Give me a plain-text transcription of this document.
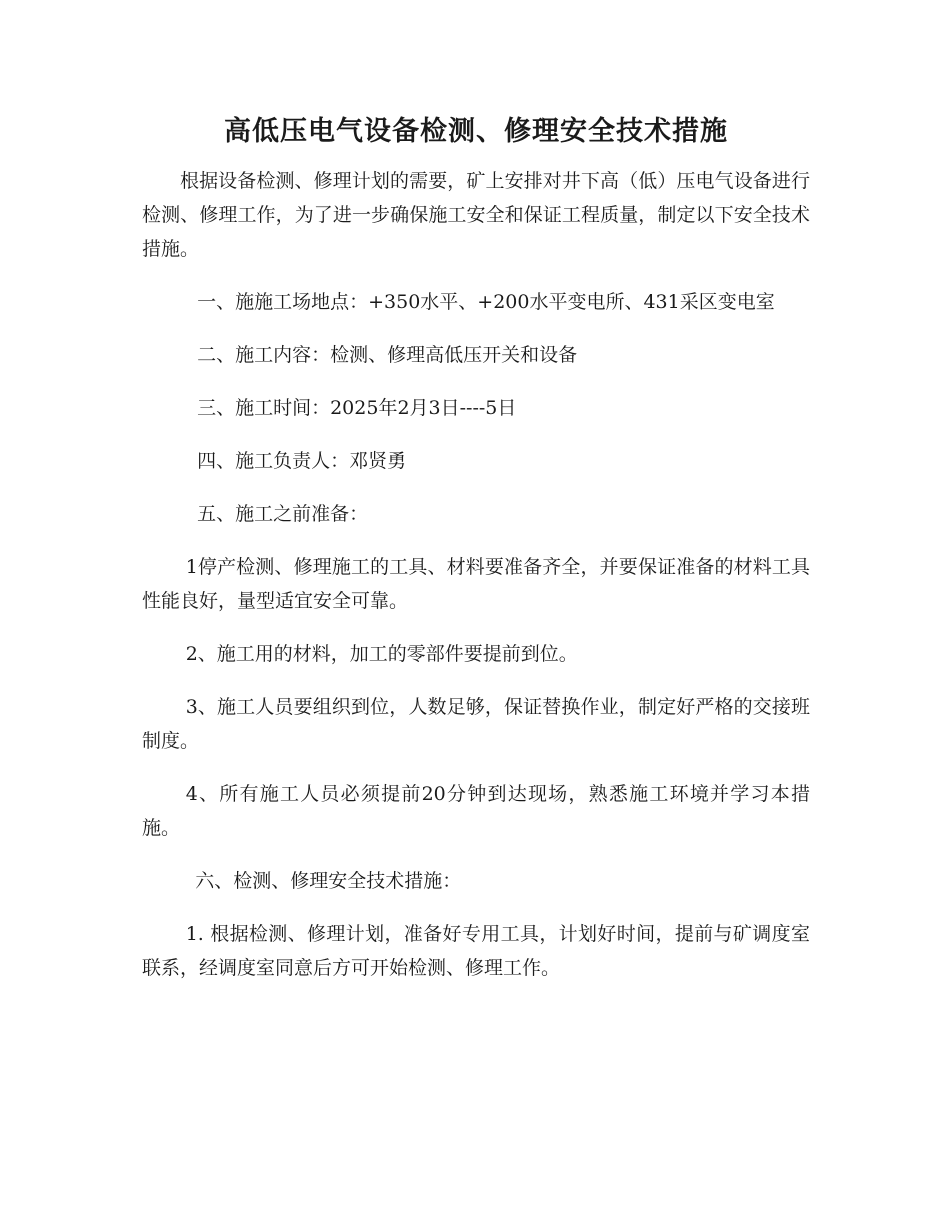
高低压电气设备检测、修理安全技术措施

根据设备检测、修理计划的需要，矿上安排对井下高（低）压电气设备进行检测、修理工作，为了进一步确保施工安全和保证工程质量，制定以下安全技术措施。

一、施施工场地点：+350水平、+200水平变电所、431采区变电室

二、施工内容：检测、修理高低压开关和设备

三、施工时间：2025年2月3日----5日

四、施工负责人：邓贤勇

五、施工之前准备：

1停产检测、修理施工的工具、材料要准备齐全，并要保证准备的材料工具性能良好，量型适宜安全可靠。

2、施工用的材料，加工的零部件要提前到位。

3、施工人员要组织到位，人数足够，保证替换作业，制定好严格的交接班制度。

4、所有施工人员必须提前20分钟到达现场，熟悉施工环境并学习本措施。

六、检测、修理安全技术措施：

1. 根据检测、修理计划，准备好专用工具，计划好时间，提前与矿调度室联系，经调度室同意后方可开始检测、修理工作。
